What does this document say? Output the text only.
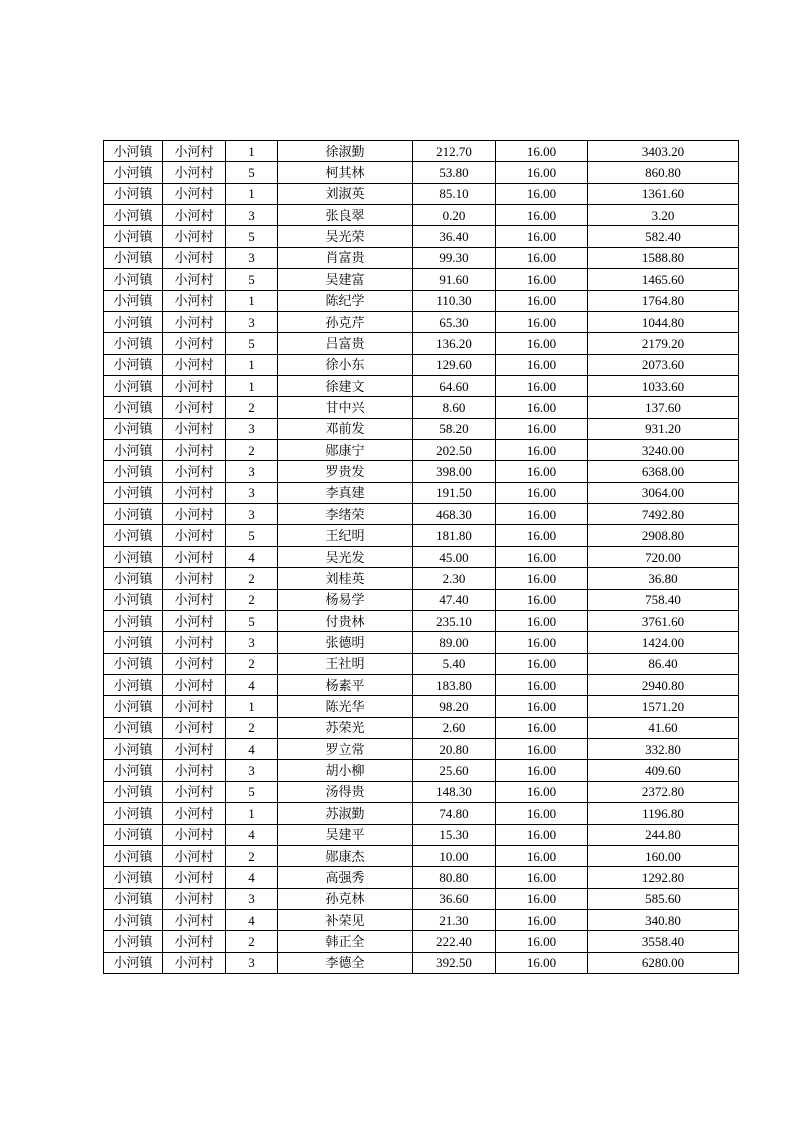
小河镇	小河村	1	徐淑勤	212.70	16.00	3403.20
小河镇	小河村	5	柯其林	53.80	16.00	860.80
小河镇	小河村	1	刘淑英	85.10	16.00	1361.60
小河镇	小河村	3	张良翠	0.20	16.00	3.20
小河镇	小河村	5	吴光荣	36.40	16.00	582.40
小河镇	小河村	3	肖富贵	99.30	16.00	1588.80
小河镇	小河村	5	吴建富	91.60	16.00	1465.60
小河镇	小河村	1	陈纪学	110.30	16.00	1764.80
小河镇	小河村	3	孙克芹	65.30	16.00	1044.80
小河镇	小河村	5	吕富贵	136.20	16.00	2179.20
小河镇	小河村	1	徐小东	129.60	16.00	2073.60
小河镇	小河村	1	徐建文	64.60	16.00	1033.60
小河镇	小河村	2	甘中兴	8.60	16.00	137.60
小河镇	小河村	3	邓前发	58.20	16.00	931.20
小河镇	小河村	2	郧康宁	202.50	16.00	3240.00
小河镇	小河村	3	罗贵发	398.00	16.00	6368.00
小河镇	小河村	3	李真建	191.50	16.00	3064.00
小河镇	小河村	3	李绪荣	468.30	16.00	7492.80
小河镇	小河村	5	王纪明	181.80	16.00	2908.80
小河镇	小河村	4	吴光发	45.00	16.00	720.00
小河镇	小河村	2	刘桂英	2.30	16.00	36.80
小河镇	小河村	2	杨易学	47.40	16.00	758.40
小河镇	小河村	5	付贵林	235.10	16.00	3761.60
小河镇	小河村	3	张德明	89.00	16.00	1424.00
小河镇	小河村	2	王社明	5.40	16.00	86.40
小河镇	小河村	4	杨素平	183.80	16.00	2940.80
小河镇	小河村	1	陈光华	98.20	16.00	1571.20
小河镇	小河村	2	苏荣光	2.60	16.00	41.60
小河镇	小河村	4	罗立常	20.80	16.00	332.80
小河镇	小河村	3	胡小柳	25.60	16.00	409.60
小河镇	小河村	5	汤得贵	148.30	16.00	2372.80
小河镇	小河村	1	苏淑勤	74.80	16.00	1196.80
小河镇	小河村	4	吴建平	15.30	16.00	244.80
小河镇	小河村	2	郧康杰	10.00	16.00	160.00
小河镇	小河村	4	高强秀	80.80	16.00	1292.80
小河镇	小河村	3	孙克林	36.60	16.00	585.60
小河镇	小河村	4	补荣见	21.30	16.00	340.80
小河镇	小河村	2	韩正全	222.40	16.00	3558.40
小河镇	小河村	3	李德全	392.50	16.00	6280.00
